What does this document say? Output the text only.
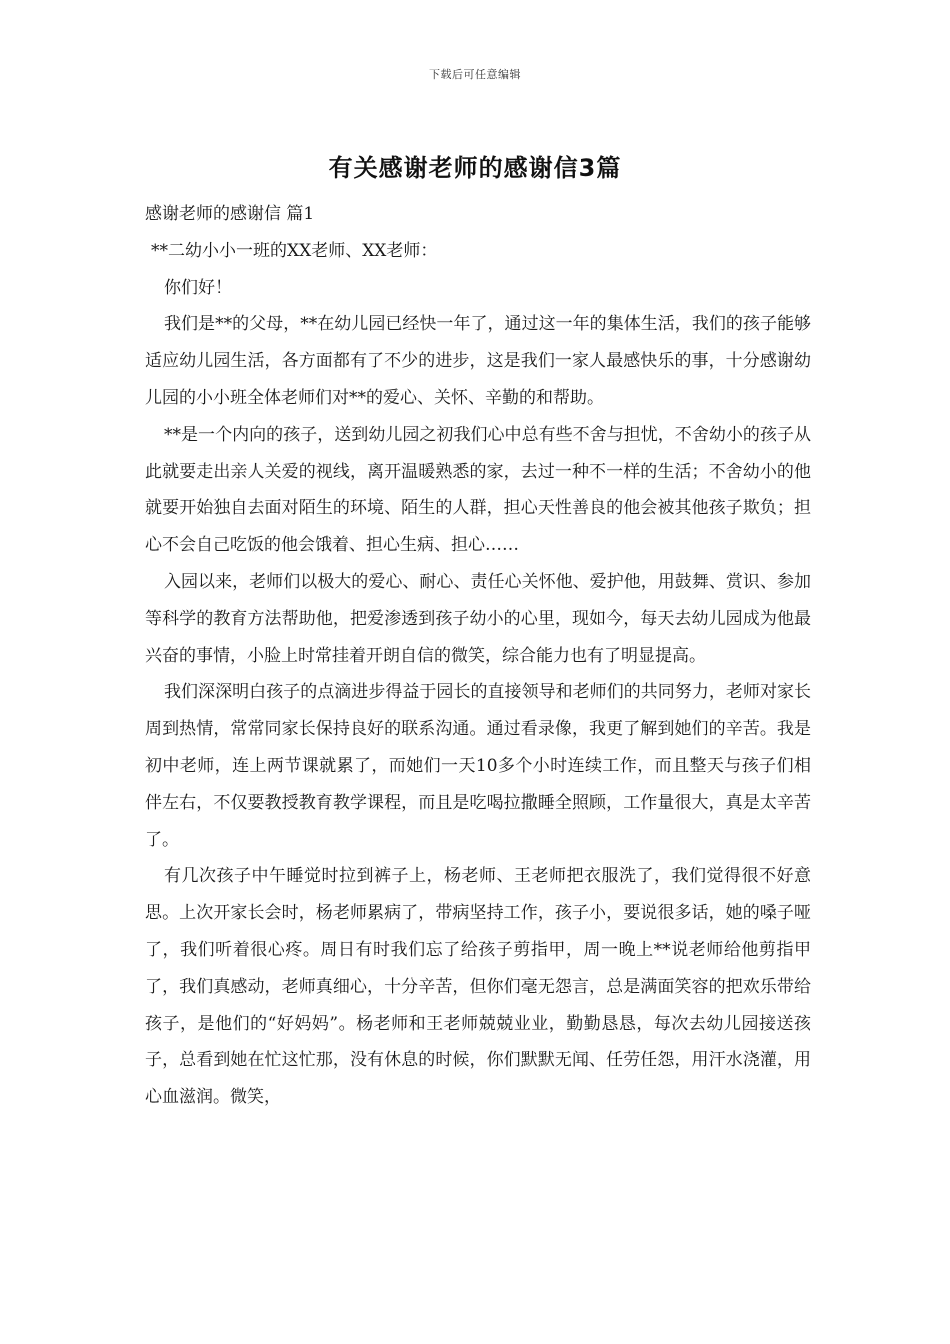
下载后可任意编辑
有关感谢老师的感谢信3篇

感谢老师的感谢信 篇1

**二幼小小一班的XX老师、XX老师：

你们好！

我们是**的父母，**在幼儿园已经快一年了，通过这一年的集体生活，我们的孩子能够适应幼儿园生活，各方面都有了不少的进步，这是我们一家人最感快乐的事，十分感谢幼儿园的小小班全体老师们对**的爱心、关怀、辛勤的和帮助。

**是一个内向的孩子，送到幼儿园之初我们心中总有些不舍与担忧，不舍幼小的孩子从此就要走出亲人关爱的视线，离开温暖熟悉的家，去过一种不一样的生活；不舍幼小的他就要开始独自去面对陌生的环境、陌生的人群，担心天性善良的他会被其他孩子欺负；担心不会自己吃饭的他会饿着、担心生病、担心……

入园以来，老师们以极大的爱心、耐心、责任心关怀他、爱护他，用鼓舞、赏识、参加等科学的教育方法帮助他，把爱渗透到孩子幼小的心里，现如今，每天去幼儿园成为他最兴奋的事情，小脸上时常挂着开朗自信的微笑，综合能力也有了明显提高。

我们深深明白孩子的点滴进步得益于园长的直接领导和老师们的共同努力，老师对家长周到热情，常常同家长保持良好的联系沟通。通过看录像，我更了解到她们的辛苦。我是初中老师，连上两节课就累了，而她们一天10多个小时连续工作，而且整天与孩子们相伴左右，不仅要教授教育教学课程，而且是吃喝拉撒睡全照顾，工作量很大，真是太辛苦了。

有几次孩子中午睡觉时拉到裤子上，杨老师、王老师把衣服洗了，我们觉得很不好意思。上次开家长会时，杨老师累病了，带病坚持工作，孩子小，要说很多话，她的嗓子哑了，我们听着很心疼。周日有时我们忘了给孩子剪指甲，周一晚上**说老师给他剪指甲了，我们真感动，老师真细心，十分辛苦，但你们毫无怨言，总是满面笑容的把欢乐带给孩子，是他们的“好妈妈”。杨老师和王老师兢兢业业，勤勤恳恳，每次去幼儿园接送孩子，总看到她在忙这忙那，没有休息的时候，你们默默无闻、任劳任怨，用汗水浇灌，用心血滋润。微笑，
